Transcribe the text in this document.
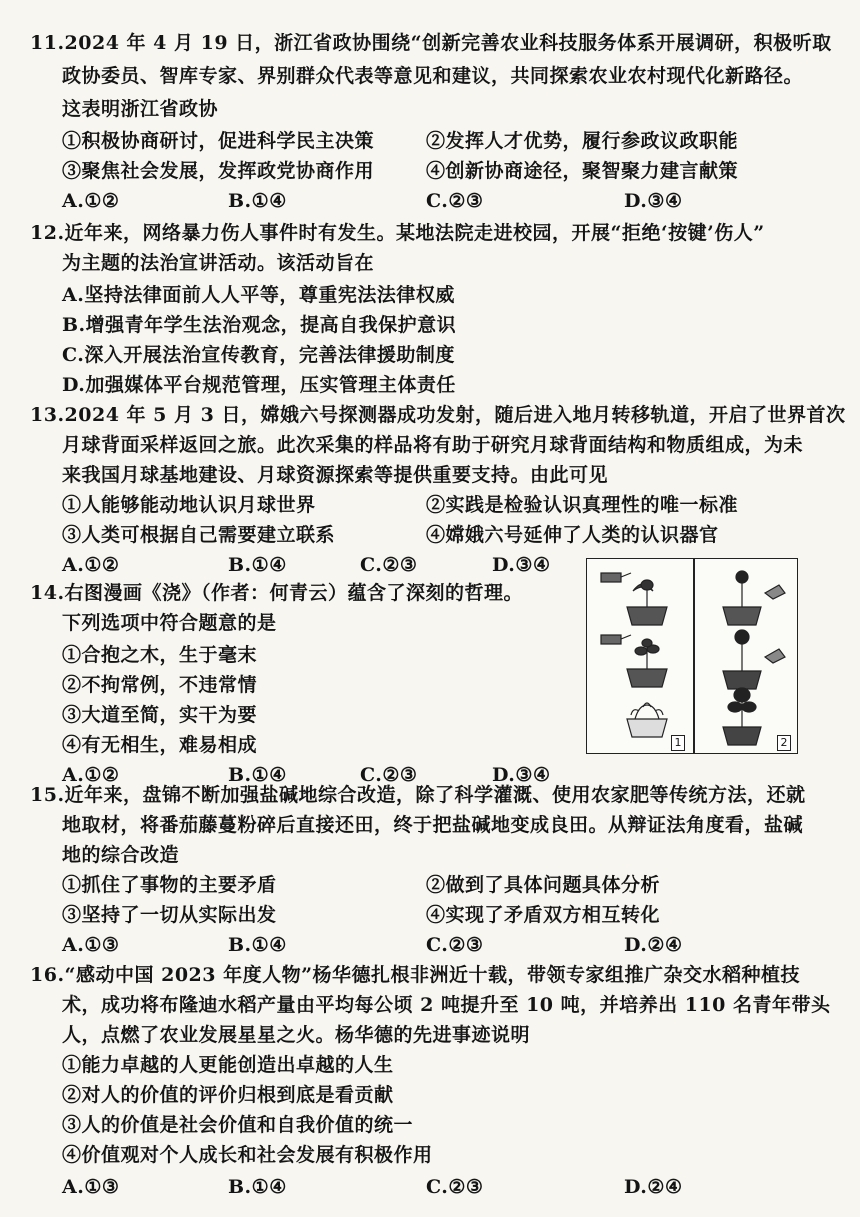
11.2024 年 4 月 19 日，浙江省政协围绕“创新完善农业科技服务体系开展调研，积极听取
政协委员、智库专家、界别群众代表等意见和建议，共同探索农业农村现代化新路径。
这表明浙江省政协
①积极协商研讨，促进科学民主决策	②发挥人才优势，履行参政议政职能
③聚焦社会发展，发挥政党协商作用	④创新协商途径，聚智聚力建言献策
A.①②	B.①④	C.②③	D.③④
12.近年来，网络暴力伤人事件时有发生。某地法院走进校园，开展“拒绝‘按键’伤人”
为主题的法治宣讲活动。该活动旨在
A.坚持法律面前人人平等，尊重宪法法律权威
B.增强青年学生法治观念，提高自我保护意识
C.深入开展法治宣传教育，完善法律援助制度
D.加强媒体平台规范管理，压实管理主体责任
13.2024 年 5 月 3 日，嫦娥六号探测器成功发射，随后进入地月转移轨道，开启了世界首次
月球背面采样返回之旅。此次采集的样品将有助于研究月球背面结构和物质组成，为未
来我国月球基地建设、月球资源探索等提供重要支持。由此可见
①人能够能动地认识月球世界	②实践是检验认识真理性的唯一标准
③人类可根据自己需要建立联系	④嫦娥六号延伸了人类的认识器官
A.①②	B.①④	C.②③	D.③④
14.右图漫画《浇》（作者：何青云）蕴含了深刻的哲理。
下列选项中符合题意的是
①合抱之木，生于毫末
②不拘常例，不违常情
③大道至简，实干为要
④有无相生，难易相成
A.①②	B.①④	C.②③	D.③④
1	2
15.近年来，盘锦不断加强盐碱地综合改造，除了科学灌溉、使用农家肥等传统方法，还就
地取材，将番茄藤蔓粉碎后直接还田，终于把盐碱地变成良田。从辩证法角度看，盐碱
地的综合改造
①抓住了事物的主要矛盾	②做到了具体问题具体分析
③坚持了一切从实际出发	④实现了矛盾双方相互转化
A.①③	B.①④	C.②③	D.②④
16.“感动中国 2023 年度人物”杨华德扎根非洲近十载，带领专家组推广杂交水稻种植技
术，成功将布隆迪水稻产量由平均每公顷 2 吨提升至 10 吨，并培养出 110 名青年带头
人，点燃了农业发展星星之火。杨华德的先进事迹说明
①能力卓越的人更能创造出卓越的人生
②对人的价值的评价归根到底是看贡献
③人的价值是社会价值和自我价值的统一
④价值观对个人成长和社会发展有积极作用
A.①③	B.①④	C.②③	D.②④
